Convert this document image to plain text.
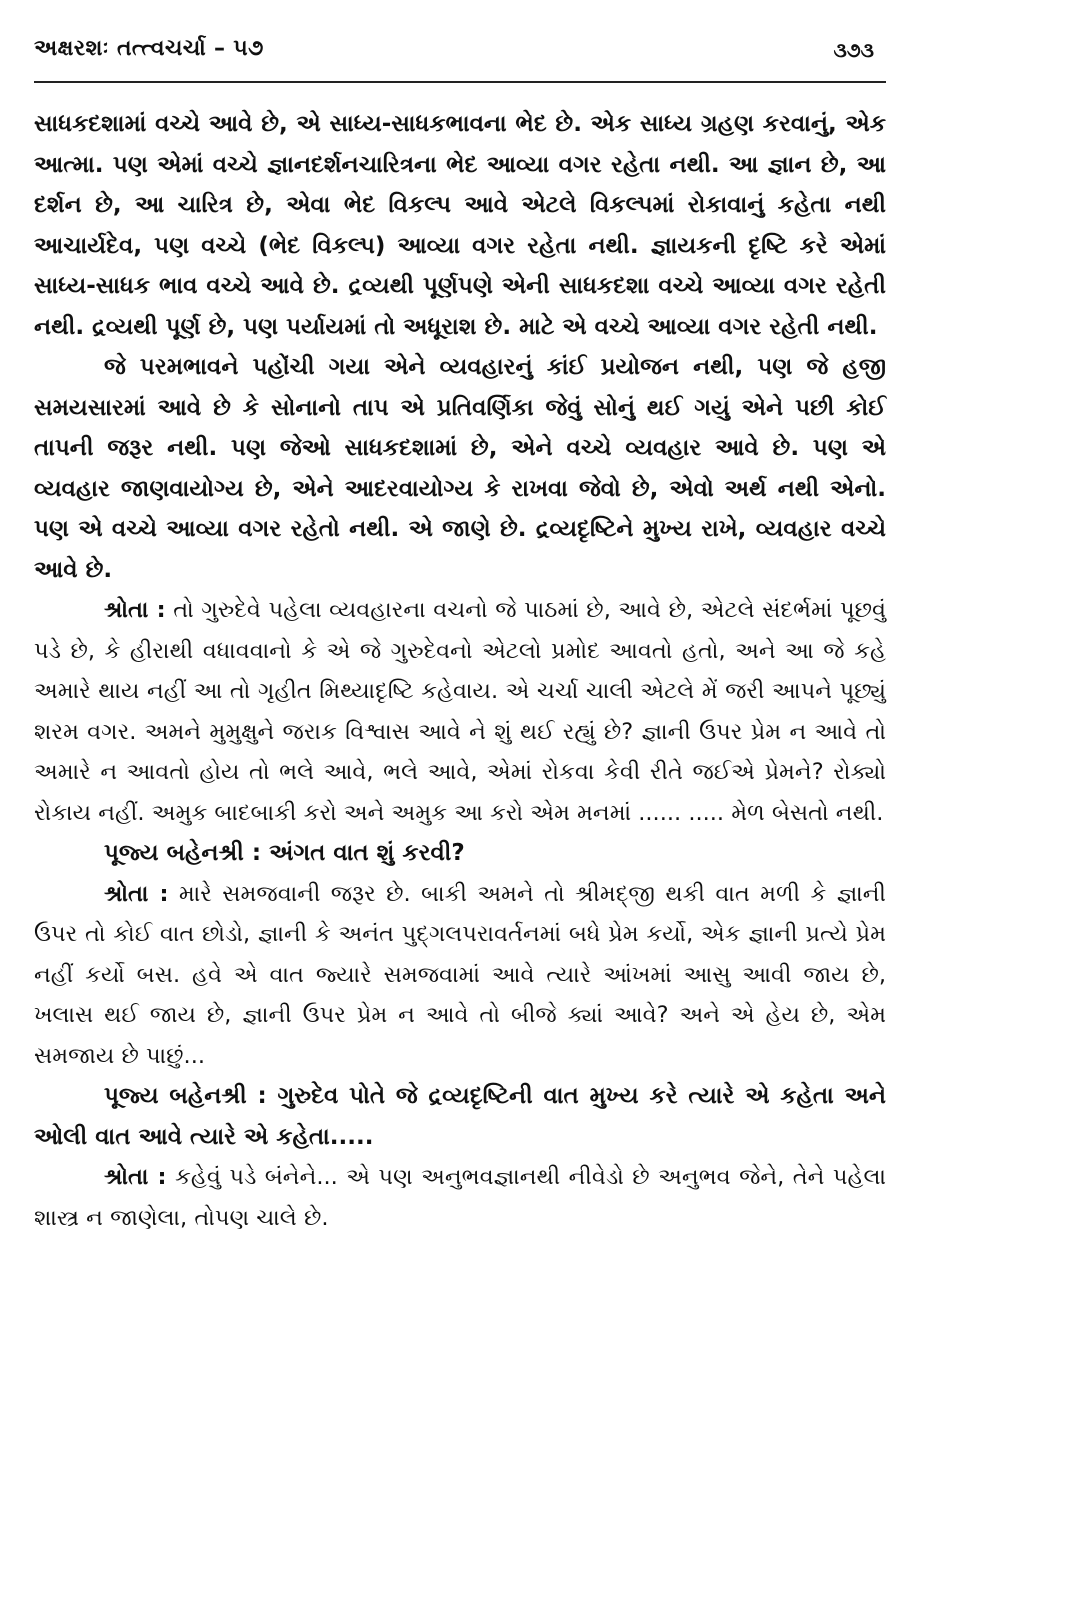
અક્ષરશઃ તત્ત્વચર્ચા – ૫૭	૩૭૩

સાધકદશામાં વચ્ચે આવે છે, એ સાધ્ય-સાધકભાવના ભેદ છે. એક સાધ્ય ગ્રહણ કરવાનું, એક આત્મા. પણ એમાં વચ્ચે જ્ઞાનદર્શનચારિત્રના ભેદ આવ્યા વગર રહેતા નથી. આ જ્ઞાન છે, આ દર્શન છે, આ ચારિત્ર છે, એવા ભેદ વિકલ્પ આવે એટલે વિકલ્પમાં રોકાવાનું કહેતા નથી આચાર્યદેવ, પણ વચ્ચે (ભેદ વિકલ્પ) આવ્યા વગર રહેતા નથી. જ્ઞાયકની દૃષ્ટિ કરે એમાં સાધ્ય-સાધક ભાવ વચ્ચે આવે છે. દ્રવ્યથી પૂર્ણપણે એની સાધકદશા વચ્ચે આવ્યા વગર રહેતી નથી. દ્રવ્યથી પૂર્ણ છે, પણ પર્યાયમાં તો અધૂરાશ છે. માટે એ વચ્ચે આવ્યા વગર રહેતી નથી.

જે પરમભાવને પહોંચી ગયા એને વ્યવહારનું કાંઈ પ્રયોજન નથી, પણ જે હજી સમયસારમાં આવે છે કે સોનાનો તાપ એ પ્રતિવર્ણિકા જેવું સોનું થઈ ગયું એને પછી કોઈ તાપની જરૂર નથી. પણ જેઓ સાધકદશામાં છે, એને વચ્ચે વ્યવહાર આવે છે. પણ એ વ્યવહાર જાણવાયોગ્ય છે, એને આદરવાયોગ્ય કે રાખવા જેવો છે, એવો અર્થ નથી એનો. પણ એ વચ્ચે આવ્યા વગર રહેતો નથી. એ જાણે છે. દ્રવ્યદૃષ્ટિને મુખ્ય રાખે, વ્યવહાર વચ્ચે આવે છે.

શ્રોતા : તો ગુરુદેવે પહેલા વ્યવહારના વચનો જે પાઠમાં છે, આવે છે, એટલે સંદર્ભમાં પૂછવું પડે છે, કે હીરાથી વધાવવાનો કે એ જે ગુરુદેવનો એટલો પ્રમોદ આવતો હતો, અને આ જે કહે અમારે થાય નહીં આ તો ગૃહીત મિથ્યાદૃષ્ટિ કહેવાય. એ ચર્ચા ચાલી એટલે મેં જરી આપને પૂછ્યું શરમ વગર. અમને મુમુક્ષુને જરાક વિશ્વાસ આવે ને શું થઈ રહ્યું છે? જ્ઞાની ઉપર પ્રેમ ન આવે તો અમારે ન આવતો હોય તો ભલે આવે, ભલે આવે, એમાં રોકવા કેવી રીતે જઈએ પ્રેમને? રોક્યો રોકાય નહીં. અમુક બાદબાકી કરો અને અમુક આ કરો એમ મનમાં ...... ..... મેળ બેસતો નથી.

પૂજ્ય બહેનશ્રી : અંગત વાત શું કરવી?

શ્રોતા : મારે સમજવાની જરૂર છે. બાકી અમને તો શ્રીમદ્જી થકી વાત મળી કે જ્ઞાની ઉપર તો કોઈ વાત છોડો, જ્ઞાની કે અનંત પુદ્ગલપરાવર્તનમાં બધે પ્રેમ કર્યો, એક જ્ઞાની પ્રત્યે પ્રેમ નહીં કર્યો બસ. હવે એ વાત જ્યારે સમજવામાં આવે ત્યારે આંખમાં આસુ આવી જાય છે, ખલાસ થઈ જાય છે, જ્ઞાની ઉપર પ્રેમ ન આવે તો બીજે ક્યાં આવે? અને એ હેય છે, એમ સમજાય છે પાછું...

પૂજ્ય બહેનશ્રી : ગુરુદેવ પોતે જે દ્રવ્યદૃષ્ટિની વાત મુખ્ય કરે ત્યારે એ કહેતા અને ઓલી વાત આવે ત્યારે એ કહેતા.....

શ્રોતા : કહેવું પડે બંનેને... એ પણ અનુભવજ્ઞાનથી નીવેડો છે અનુભવ જેને, તેને પહેલા શાસ્ત્ર ન જાણેલા, તોપણ ચાલે છે.
